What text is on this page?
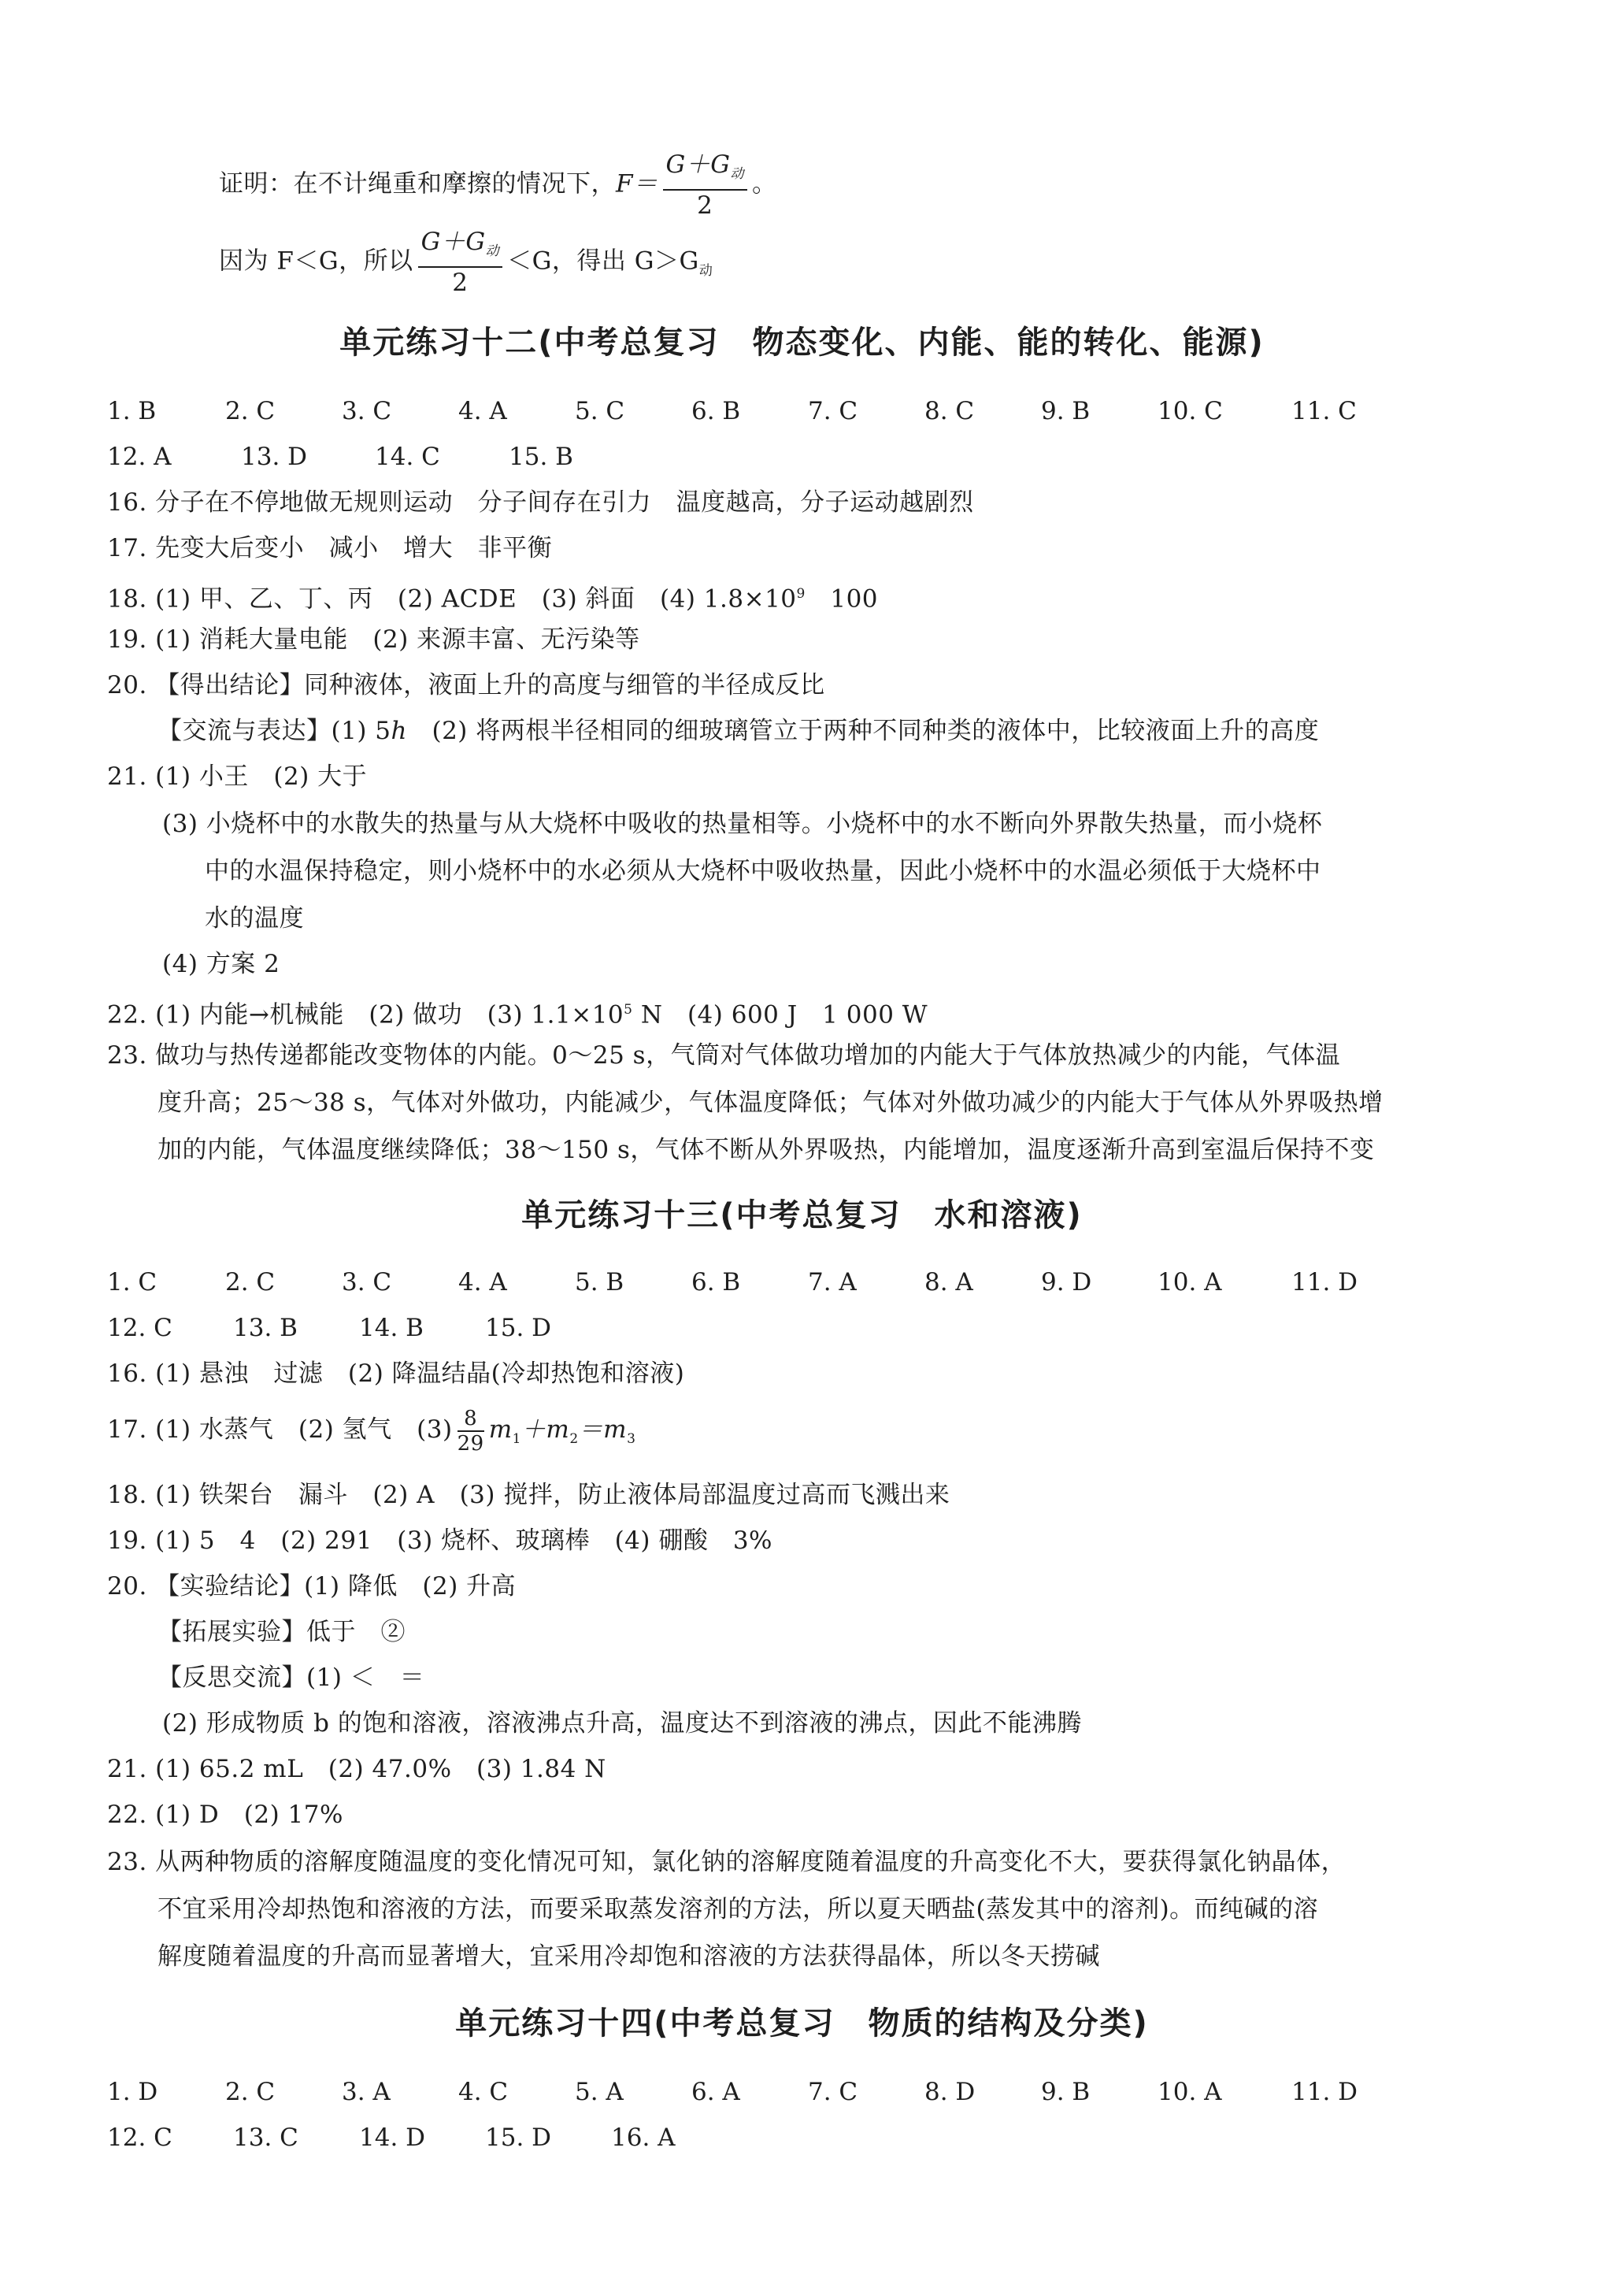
证明：在不计绳重和摩擦的情况下，$F= \frac{G+G_动}{2}$ 。
因为 F＜G，所以 $\frac{G+G_动}{2} <G$，得出 $G>G_动$
单元练习十二(中考总复习　物态变化、内能、能的转化、能源)
1. B	2. C	3. C	4. A	5. C	6. B	7. C	8. C	9. B	10. C	11. C
12. A	13. D	14. C	15. B
16. 分子在不停地做无规则运动　分子间存在引力　温度越高，分子运动越剧烈
17. 先变大后变小　减小　增大　非平衡
18. (1) 甲、乙、丁、丙　(2) ACDE　(3) 斜面　(4) $1.8\times 10^9$　100
19. (1) 消耗大量电能　(2) 来源丰富、无污染等
20. 【得出结论】同种液体，液面上升的高度与细管的半径成反比
【交流与表达】(1) 5h　(2) 将两根半径相同的细玻璃管立于两种不同种类的液体中，比较液面上升的高度
21. (1) 小王　(2) 大于
(3) 小烧杯中的水散失的热量与从大烧杯中吸收的热量相等。小烧杯中的水不断向外界散失热量，而小烧杯
中的水温保持稳定，则小烧杯中的水必须从大烧杯中吸收热量，因此小烧杯中的水温必须低于大烧杯中
水的温度
(4) 方案 2
22. (1) 内能→机械能　(2) 做功　(3) $1.1\times 10^5$ N　(4) 600 J　1 000 W
23. 做功与热传递都能改变物体的内能。0～25 s，气筒对气体做功增加的内能大于气体放热减少的内能，气体温
度升高；25～38 s，气体对外做功，内能减少，气体温度降低；气体对外做功减少的内能大于气体从外界吸热增
加的内能，气体温度继续降低；38～150 s，气体不断从外界吸热，内能增加，温度逐渐升高到室温后保持不变
单元练习十三(中考总复习　水和溶液)
1. C	2. C	3. C	4. A	5. B	6. B	7. A	8. A	9. D	10. A	11. D
12. C	13. B	14. B	15. D
16. (1) 悬浊　过滤　(2) 降温结晶(冷却热饱和溶液)
17. (1) 水蒸气　(2) 氢气　$(3) \frac{8}{29} m_1+m_2=m_3$
18. (1) 铁架台　漏斗　(2) A　(3) 搅拌，防止液体局部温度过高而飞溅出来
19. (1) 5　4　(2) 291　(3) 烧杯、玻璃棒　(4) 硼酸　3%
20. 【实验结论】(1) 降低　(2) 升高
【拓展实验】低于　②
【反思交流】(1) ＜　＝
(2) 形成物质 b 的饱和溶液，溶液沸点升高，温度达不到溶液的沸点，因此不能沸腾
21. (1) 65.2 mL　(2) 47.0%　(3) 1.84 N
22. (1) D　(2) 17%
23. 从两种物质的溶解度随温度的变化情况可知，氯化钠的溶解度随着温度的升高变化不大，要获得氯化钠晶体，
不宜采用冷却热饱和溶液的方法，而要采取蒸发溶剂的方法，所以夏天晒盐(蒸发其中的溶剂)。而纯碱的溶
解度随着温度的升高而显著增大，宜采用冷却饱和溶液的方法获得晶体，所以冬天捞碱
单元练习十四(中考总复习　物质的结构及分类)
1. D	2. C	3. A	4. C	5. A	6. A	7. C	8. D	9. B	10. A	11. D
12. C	13. C	14. D	15. D	16. A
